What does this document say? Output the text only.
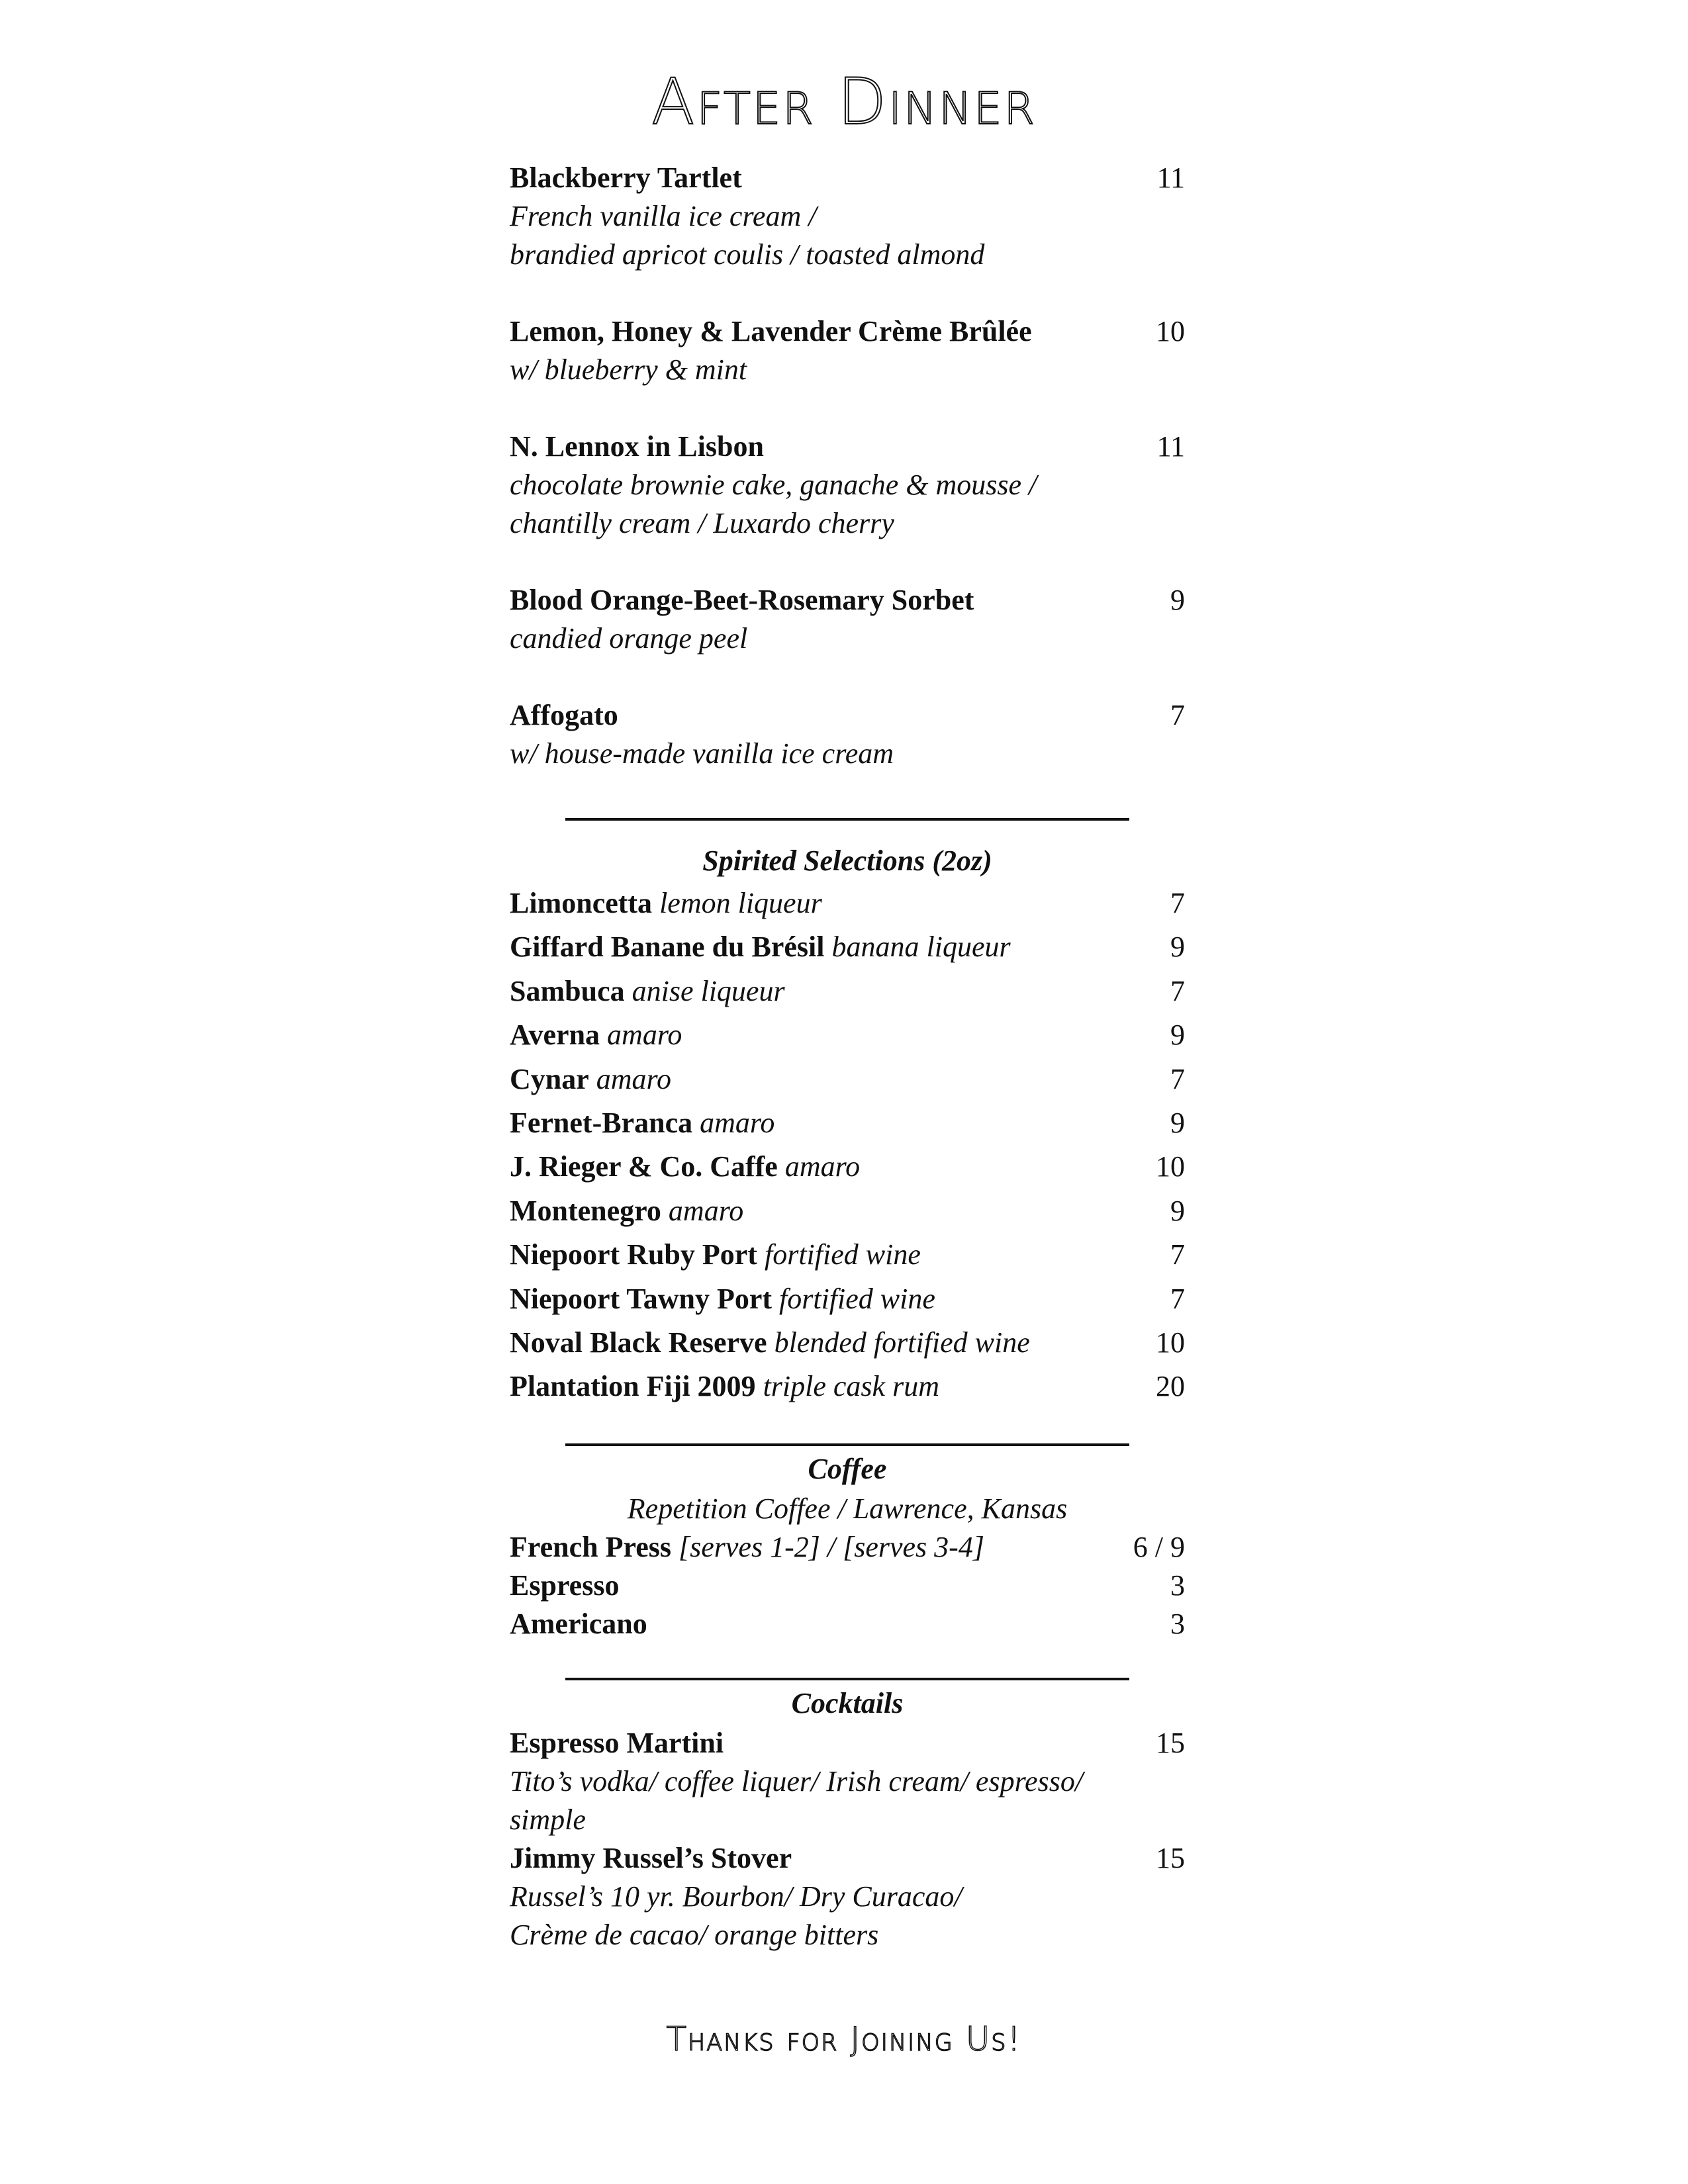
After Dinner
Blackberry Tartlet	11
French vanilla ice cream /
brandied apricot coulis / toasted almond
Lemon, Honey & Lavender Crème Brûlée	10
w/ blueberry & mint
N. Lennox in Lisbon	11
chocolate brownie cake, ganache & mousse /
chantilly cream / Luxardo cherry
Blood Orange-Beet-Rosemary Sorbet	9
candied orange peel
Affogato	7
w/ house-made vanilla ice cream
Spirited Selections (2oz)
Limoncetta lemon liqueur	7
Giffard Banane du Brésil banana liqueur	9
Sambuca anise liqueur	7
Averna amaro	9
Cynar amaro	7
Fernet-Branca amaro	9
J. Rieger & Co. Caffe amaro	10
Montenegro amaro	9
Niepoort Ruby Port fortified wine	7
Niepoort Tawny Port fortified wine	7
Noval Black Reserve blended fortified wine	10
Plantation Fiji 2009 triple cask rum	20
Coffee
Repetition Coffee / Lawrence, Kansas
French Press [serves 1-2] / [serves 3-4]	6 / 9
Espresso	3
Americano	3
Cocktails
Espresso Martini	15
Tito’s vodka/ coffee liquer/ Irish cream/ espresso/
simple
Jimmy Russel’s Stover	15
Russel’s 10 yr. Bourbon/ Dry Curacao/
Crème de cacao/ orange bitters
Thanks for Joining Us!
